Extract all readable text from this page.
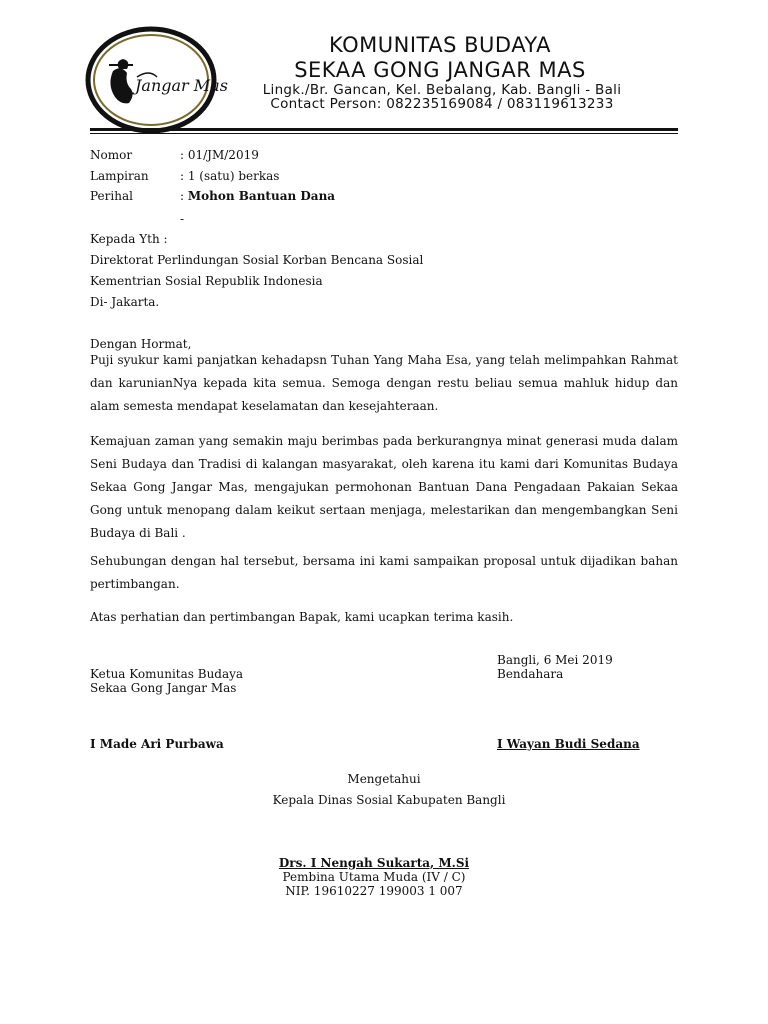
Jangar Mas
KOMUNITAS BUDAYA
SEKAA GONG JANGAR MAS
Lingk./Br. Gancan, Kel. Bebalang, Kab. Bangli - Bali
Contact Person: 082235169084 / 083119613233
Nomor	: 01/JM/2019
Lampiran	: 1 (satu) berkas
Perihal	: Mohon Bantuan Dana
-
Kepada Yth :
Direktorat Perlindungan Sosial Korban Bencana Sosial
Kementrian Sosial Republik Indonesia
Di- Jakarta.
Dengan Hormat,
Puji syukur kami panjatkan kehadapsn Tuhan Yang Maha Esa, yang telah melimpahkan Rahmat dan karunianNya kepada kita semua. Semoga dengan restu beliau semua mahluk hidup dan alam semesta mendapat keselamatan dan kesejahteraan.
Kemajuan zaman yang semakin maju berimbas pada berkurangnya minat generasi muda dalam Seni Budaya dan Tradisi di kalangan masyarakat, oleh karena itu kami dari Komunitas Budaya Sekaa Gong Jangar Mas, mengajukan permohonan Bantuan Dana Pengadaan Pakaian Sekaa Gong untuk menopang dalam keikut sertaan menjaga, melestarikan dan mengembangkan Seni Budaya di Bali .
Sehubungan dengan hal tersebut, bersama ini kami sampaikan proposal untuk dijadikan bahan pertimbangan.
Atas perhatian dan pertimbangan Bapak, kami ucapkan terima kasih.
Bangli, 6 Mei 2019
Ketua Komunitas Budaya	Bendahara
Sekaa Gong Jangar Mas
I Made Ari Purbawa	I Wayan Budi Sedana
Mengetahui
Kepala Dinas Sosial Kabupaten Bangli
Drs. I Nengah Sukarta, M.Si
Pembina Utama Muda (IV / C)
NIP. 19610227 199003 1 007
